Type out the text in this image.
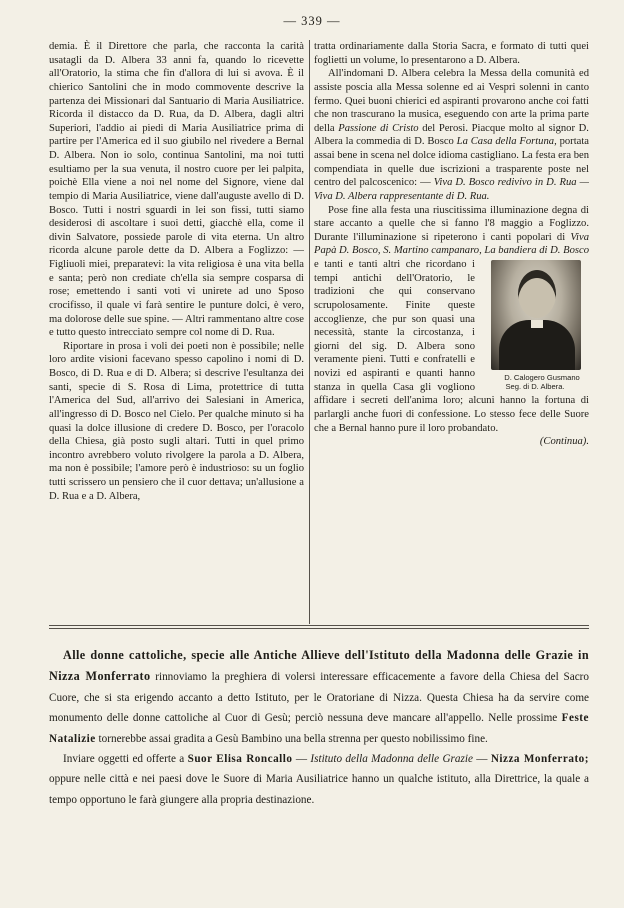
— 339 —

demia. È il Direttore che parla, che racconta la carità usatagli da D. Albera 33 anni fa, quando lo ricevette all'Oratorio, la stima che fin d'allora di lui si avova. È il chierico Santolini che in modo commovente descrive la partenza dei Missionari dal Santuario di Maria Ausiliatrice. Ricorda il distacco da D. Rua, da D. Albera, dagli altri Superiori, l'addio ai piedi di Maria Ausiliatrice prima di partire per l'America ed il suo giubilo nel rivedere a Bernal D. Albera. Non io solo, continua Santolini, ma noi tutti esultiamo per la sua venuta, il nostro cuore per lei palpita, poichè Ella viene a noi nel nome del Signore, viene dal tempio di Maria Ausiliatrice, viene dall'auguste avello di D. Bosco. Tutti i nostri sguardi in lei son fissi, tutti siamo desiderosi di ascoltare i suoi detti, giacchè ella, come il divin Salvatore, possiede parole di vita eterna. Un altro ricorda alcune parole dette da D. Albera a Foglizzo: — Figliuoli miei, preparatevi: la vita religiosa è una vita bella e santa; però non crediate ch'ella sia sempre cosparsa di rose; emettendo i santi voti vi unirete ad uno Sposo crocifisso, il quale vi farà sentire le punture dolci, è vero, ma dolorose delle sue spine. — Altri rammentano altre cose e tutto questo intrecciato sempre col nome di D. Rua.

Riportare in prosa i voli dei poeti non è possibile; nelle loro ardite visioni facevano spesso capolino i nomi di D. Bosco, di D. Rua e di D. Albera; si descrive l'esultanza dei santi, specie di S. Rosa di Lima, protettrice di tutta l'America del Sud, all'arrivo dei Salesiani in America, all'ingresso di D. Bosco nel Cielo. Per qualche minuto si ha quasi la dolce illusione di credere D. Bosco, per l'oracolo della Chiesa, già posto sugli altari. Tutti in quel primo incontro avrebbero voluto rivolgere la parola a D. Albera, ma non è possibile; l'amore però è industrioso: su un foglio tutti scrissero un pensiero che il cuor dettava; un'allusione a D. Rua e a D. Albera,

tratta ordinariamente dalla Storia Sacra, e formato di tutti quei foglietti un volume, lo presentarono a D. Albera.

All'indomani D. Albera celebra la Messa della comunità ed assiste poscia alla Messa solenne ed ai Vespri solenni in canto fermo. Quei buoni chierici ed aspiranti provarono anche coi fatti che non trascurano la musica, eseguendo con arte la prima parte della Passione di Cristo del Perosi. Piacque molto al signor D. Albera la commedia di D. Bosco La Casa della Fortuna, portata assai bene in scena nel dolce idioma castigliano. La festa era ben compendiata in quelle due iscrizioni a trasparente poste nel centro del palcoscenico: — Viva D. Bosco redivivo in D. Rua — Viva D. Albera rappresentante di D. Rua.

Pose fine alla festa una riuscitissima illuminazione degna di stare accanto a quelle che si fanno l'8 maggio a Foglizzo. Durante l'illuminazione si ripeterono i canti popolari di Viva Papà D. Bosco, S. Martino campanaro, La bandiera di D. Bosco
D. Calogero Gusmano
Seg. di D. Albera.
e tanti e tanti altri che ricordano i tempi antichi dell'Oratorio, le tradizioni che qui conservano scrupolosamente. Finite queste accoglienze, che pur son quasi una necessità, stante la circostanza, i giorni del sig. D. Albera sono veramente pieni. Tutti e confratelli e novizi ed aspiranti e quanti hanno stanza in quella Casa gli vogliono affidare i secreti dell'anima loro; alcuni hanno la fortuna di parlargli anche fuori di confessione. Lo stesso fece delle Suore che a Bernal hanno pure il loro probandato.

(Continua).

Alle donne cattoliche, specie alle Antiche Allieve dell'Istituto della Madonna delle Grazie in Nizza Monferrato rinnoviamo la preghiera di volersi interessare efficacemente a favore della Chiesa del Sacro Cuore, che si sta erigendo accanto a detto Istituto, per le Oratoriane di Nizza. Questa Chiesa ha da servire come monumento delle donne cattoliche al Cuor di Gesù; perciò nessuna deve mancare all'appello. Nelle prossime Feste Natalizie tornerebbe assai gradita a Gesù Bambino una bella strenna per questo nobilissimo fine.

Inviare oggetti ed offerte a Suor Elisa Roncallo — Istituto della Madonna delle Grazie — Nizza Monferrato; oppure nelle città e nei paesi dove le Suore di Maria Ausiliatrice hanno un qualche istituto, alla Direttrice, la quale a tempo opportuno le farà giungere alla propria destinazione.
